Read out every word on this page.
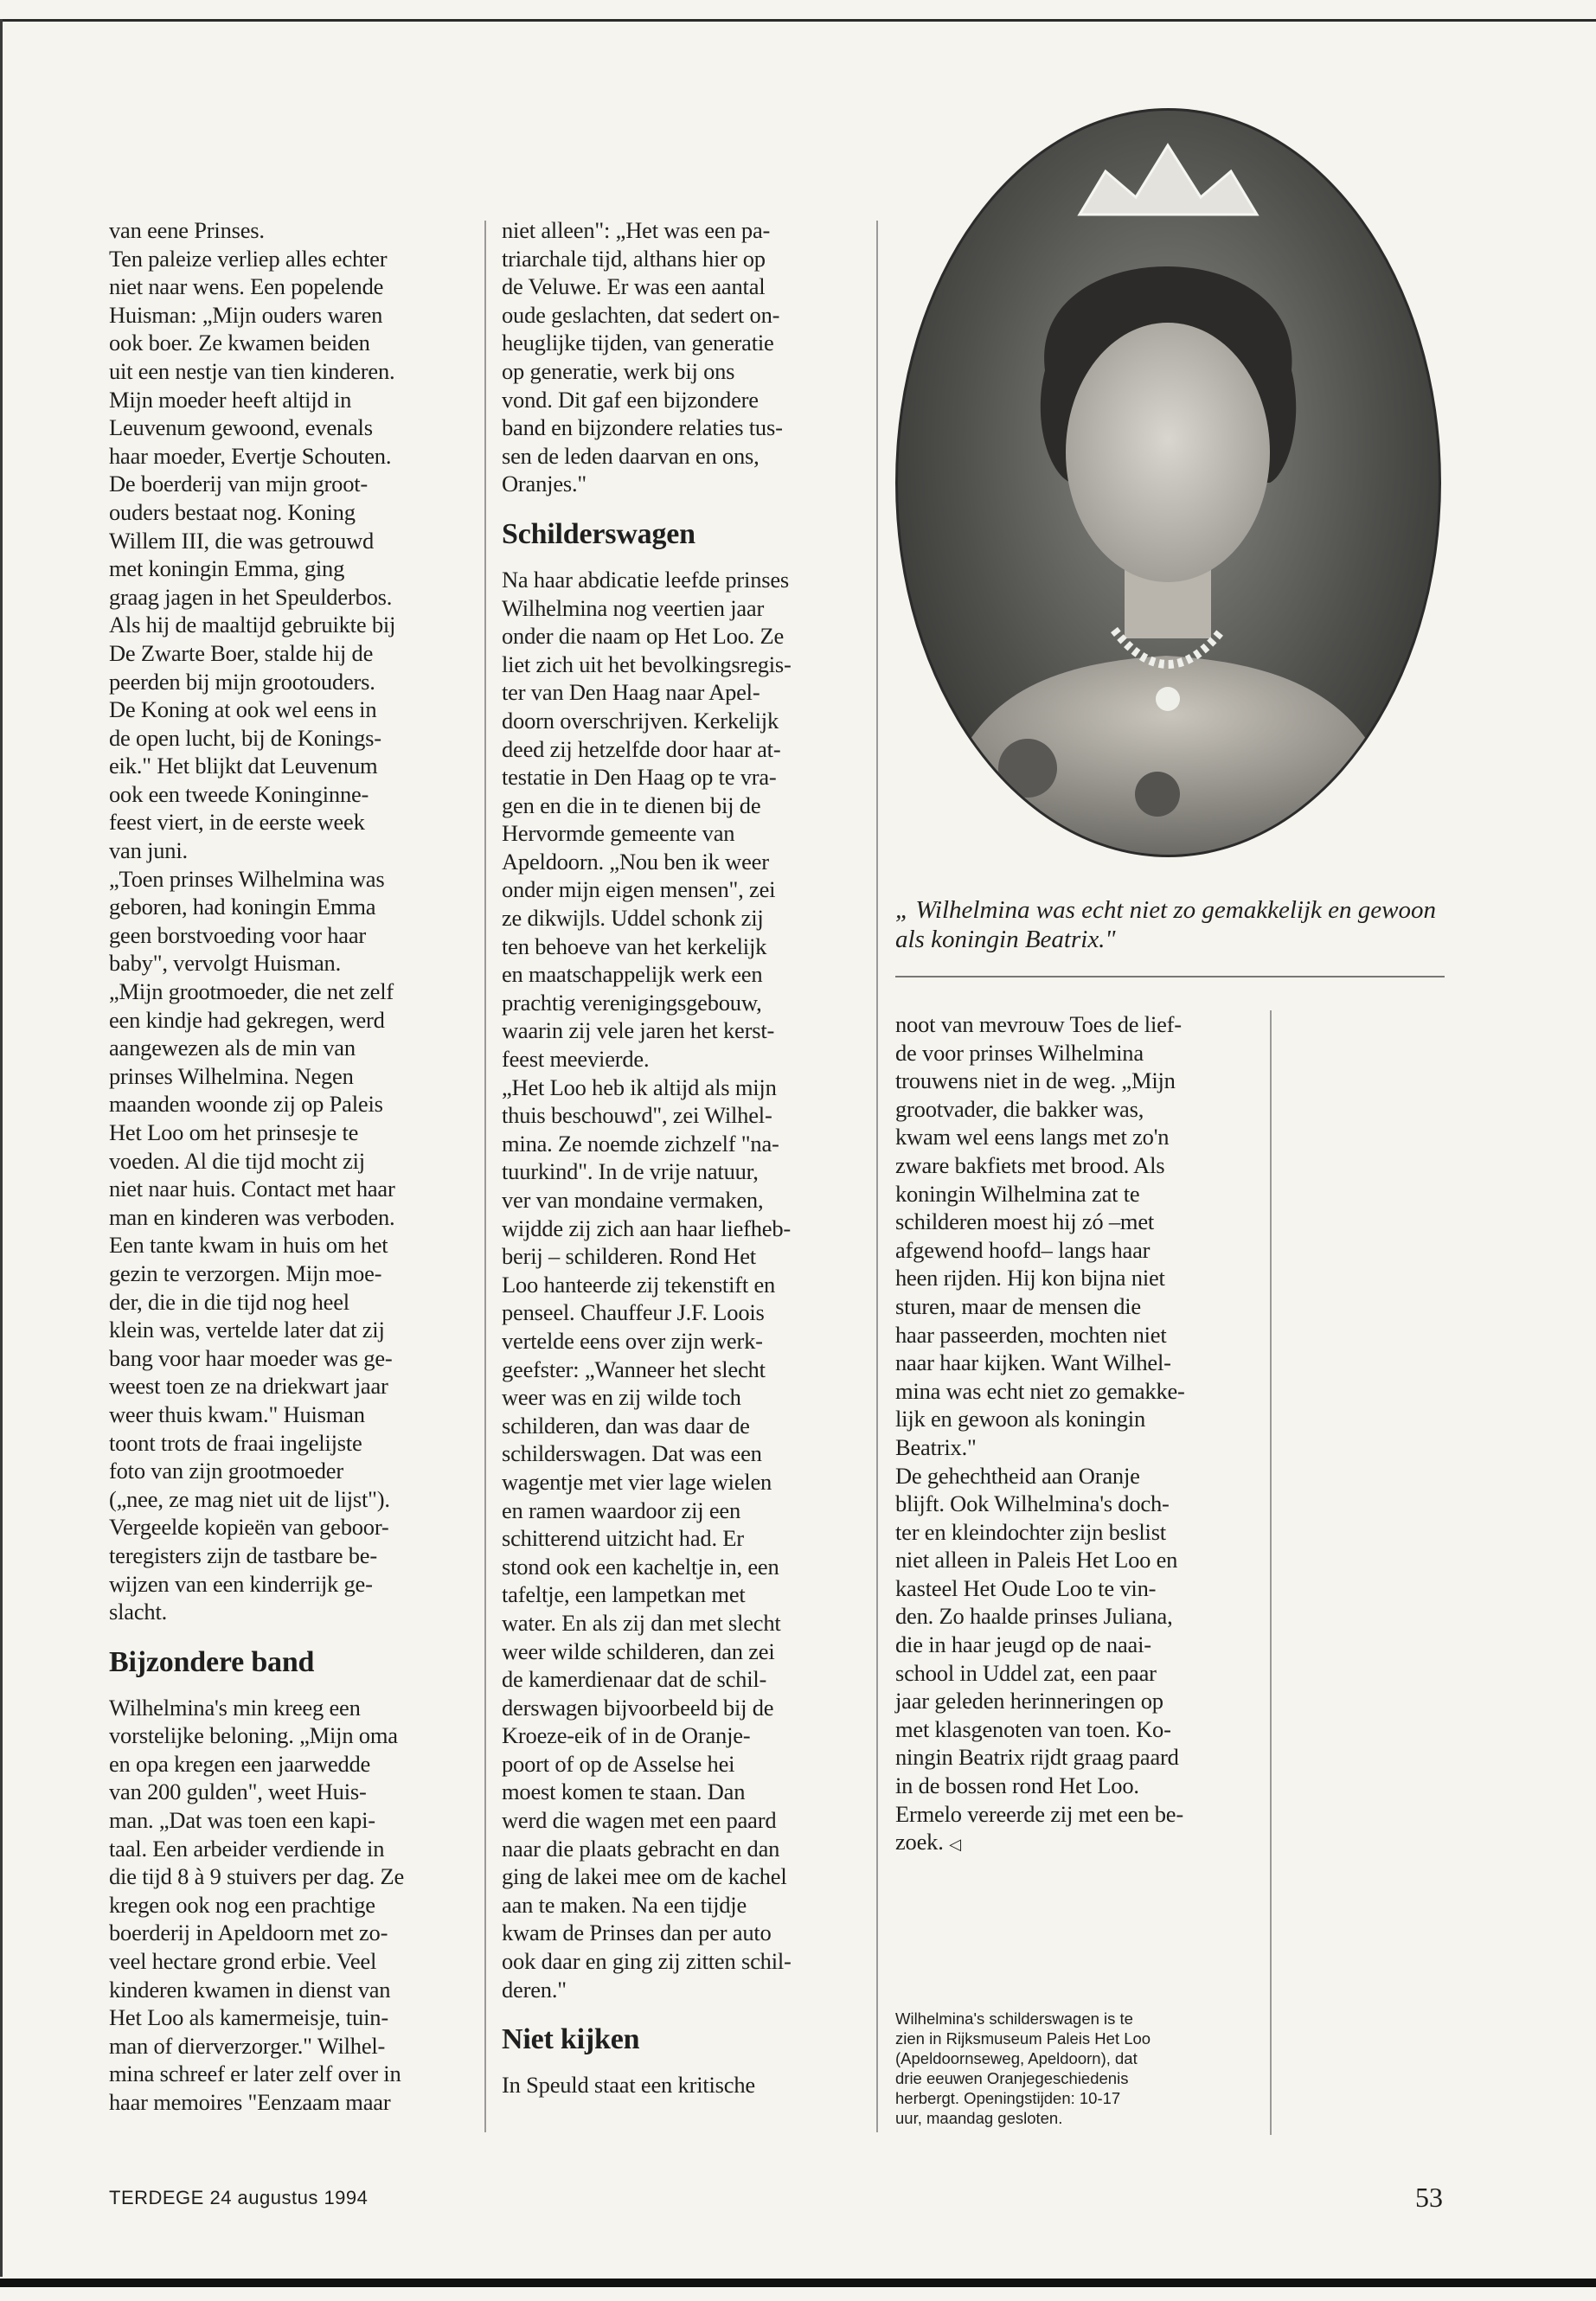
van eene Prinses.
Ten paleize verliep alles echter
niet naar wens. Een popelende
Huisman: „Mijn ouders waren
ook boer. Ze kwamen beiden
uit een nestje van tien kinderen.
Mijn moeder heeft altijd in
Leuvenum gewoond, evenals
haar moeder, Evertje Schouten.
De boerderij van mijn groot-
ouders bestaat nog. Koning
Willem III, die was getrouwd
met koningin Emma, ging
graag jagen in het Speulderbos.
Als hij de maaltijd gebruikte bij
De Zwarte Boer, stalde hij de
peerden bij mijn grootouders.
De Koning at ook wel eens in
de open lucht, bij de Konings-
eik." Het blijkt dat Leuvenum
ook een tweede Koninginne-
feest viert, in de eerste week
van juni.
„Toen prinses Wilhelmina was
geboren, had koningin Emma
geen borstvoeding voor haar
baby", vervolgt Huisman.
„Mijn grootmoeder, die net zelf
een kindje had gekregen, werd
aangewezen als de min van
prinses Wilhelmina. Negen
maanden woonde zij op Paleis
Het Loo om het prinsesje te
voeden. Al die tijd mocht zij
niet naar huis. Contact met haar
man en kinderen was verboden.
Een tante kwam in huis om het
gezin te verzorgen. Mijn moe-
der, die in die tijd nog heel
klein was, vertelde later dat zij
bang voor haar moeder was ge-
weest toen ze na driekwart jaar
weer thuis kwam." Huisman
toont trots de fraai ingelijste
foto van zijn grootmoeder
(„nee, ze mag niet uit de lijst").
Vergeelde kopieën van geboor-
teregisters zijn de tastbare be-
wijzen van een kinderrijk ge-
slacht.

Bijzondere band

Wilhelmina's min kreeg een
vorstelijke beloning. „Mijn oma
en opa kregen een jaarwedde
van 200 gulden", weet Huis-
man. „Dat was toen een kapi-
taal. Een arbeider verdiende in
die tijd 8 à 9 stuivers per dag. Ze
kregen ook nog een prachtige
boerderij in Apeldoorn met zo-
veel hectare grond erbie. Veel
kinderen kwamen in dienst van
Het Loo als kamermeisje, tuin-
man of dierverzorger." Wilhel-
mina schreef er later zelf over in
haar memoires "Eenzaam maar

niet alleen": „Het was een pa-
triarchale tijd, althans hier op
de Veluwe. Er was een aantal
oude geslachten, dat sedert on-
heuglijke tijden, van generatie
op generatie, werk bij ons
vond. Dit gaf een bijzondere
band en bijzondere relaties tus-
sen de leden daarvan en ons,
Oranjes."

Schilderswagen

Na haar abdicatie leefde prinses
Wilhelmina nog veertien jaar
onder die naam op Het Loo. Ze
liet zich uit het bevolkingsregis-
ter van Den Haag naar Apel-
doorn overschrijven. Kerkelijk
deed zij hetzelfde door haar at-
testatie in Den Haag op te vra-
gen en die in te dienen bij de
Hervormde gemeente van
Apeldoorn. „Nou ben ik weer
onder mijn eigen mensen", zei
ze dikwijls. Uddel schonk zij
ten behoeve van het kerkelijk
en maatschappelijk werk een
prachtig verenigingsgebouw,
waarin zij vele jaren het kerst-
feest meevierde.
„Het Loo heb ik altijd als mijn
thuis beschouwd", zei Wilhel-
mina. Ze noemde zichzelf "na-
tuurkind". In de vrije natuur,
ver van mondaine vermaken,
wijdde zij zich aan haar liefheb-
berij – schilderen. Rond Het
Loo hanteerde zij tekenstift en
penseel. Chauffeur J.F. Loois
vertelde eens over zijn werk-
geefster: „Wanneer het slecht
weer was en zij wilde toch
schilderen, dan was daar de
schilderswagen. Dat was een
wagentje met vier lage wielen
en ramen waardoor zij een
schitterend uitzicht had. Er
stond ook een kacheltje in, een
tafeltje, een lampetkan met
water. En als zij dan met slecht
weer wilde schilderen, dan zei
de kamerdienaar dat de schil-
derswagen bijvoorbeeld bij de
Kroeze-eik of in de Oranje-
poort of op de Asselse hei
moest komen te staan. Dan
werd die wagen met een paard
naar die plaats gebracht en dan
ging de lakei mee om de kachel
aan te maken. Na een tijdje
kwam de Prinses dan per auto
ook daar en ging zij zitten schil-
deren."

Niet kijken

In Speuld staat een kritische

„ Wilhelmina was echt niet zo gemakkelijk en gewoon als koningin Beatrix."

noot van mevrouw Toes de lief-
de voor prinses Wilhelmina
trouwens niet in de weg. „Mijn
grootvader, die bakker was,
kwam wel eens langs met zo'n
zware bakfiets met brood. Als
koningin Wilhelmina zat te
schilderen moest hij zó –met
afgewend hoofd– langs haar
heen rijden. Hij kon bijna niet
sturen, maar de mensen die
haar passeerden, mochten niet
naar haar kijken. Want Wilhel-
mina was echt niet zo gemakke-
lijk en gewoon als koningin
Beatrix."
De gehechtheid aan Oranje
blijft. Ook Wilhelmina's doch-
ter en kleindochter zijn beslist
niet alleen in Paleis Het Loo en
kasteel Het Oude Loo te vin-
den. Zo haalde prinses Juliana,
die in haar jeugd op de naai-
school in Uddel zat, een paar
jaar geleden herinneringen op
met klasgenoten van toen. Ko-
ningin Beatrix rijdt graag paard
in de bossen rond Het Loo.
Ermelo vereerde zij met een be-
zoek. ◁

Wilhelmina's schilderswagen is te
zien in Rijksmuseum Paleis Het Loo
(Apeldoornseweg, Apeldoorn), dat
drie eeuwen Oranjegeschiedenis
herbergt. Openingstijden: 10-17
uur, maandag gesloten.

TERDEGE 24 augustus 1994	53
